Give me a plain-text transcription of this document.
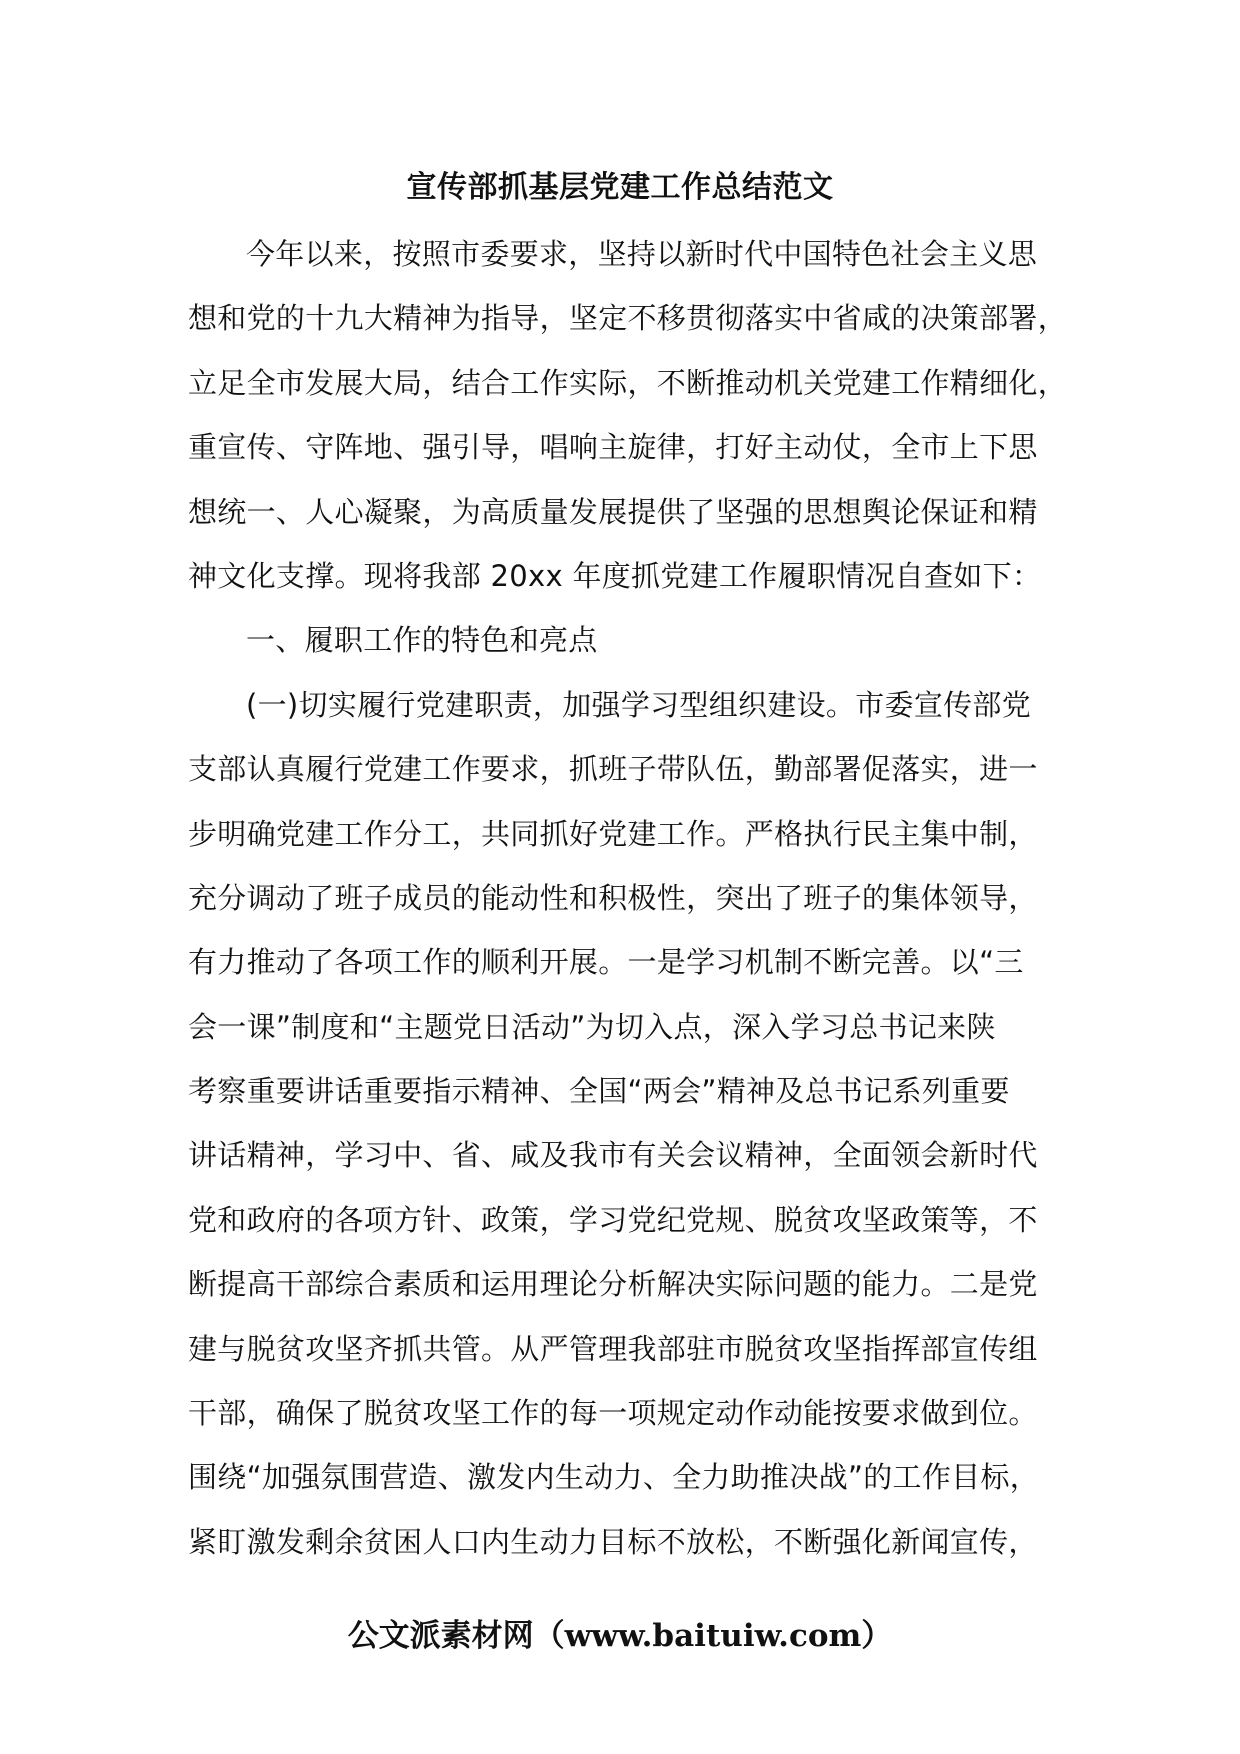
宣传部抓基层党建工作总结范文
今年以来，按照市委要求，坚持以新时代中国特色社会主义思
想和党的十九大精神为指导，坚定不移贯彻落实中省咸的决策部署，
立足全市发展大局，结合工作实际，不断推动机关党建工作精细化，
重宣传、守阵地、强引导，唱响主旋律，打好主动仗，全市上下思
想统一、人心凝聚，为高质量发展提供了坚强的思想舆论保证和精
神文化支撑。现将我部 20xx 年度抓党建工作履职情况自查如下：
一、履职工作的特色和亮点
(一)切实履行党建职责，加强学习型组织建设。市委宣传部党
支部认真履行党建工作要求，抓班子带队伍，勤部署促落实，进一
步明确党建工作分工，共同抓好党建工作。严格执行民主集中制，
充分调动了班子成员的能动性和积极性，突出了班子的集体领导，
有力推动了各项工作的顺利开展。一是学习机制不断完善。以“三
会一课”制度和“主题党日活动”为切入点，深入学习总书记来陕
考察重要讲话重要指示精神、全国“两会”精神及总书记系列重要
讲话精神，学习中、省、咸及我市有关会议精神，全面领会新时代
党和政府的各项方针、政策，学习党纪党规、脱贫攻坚政策等，不
断提高干部综合素质和运用理论分析解决实际问题的能力。二是党
建与脱贫攻坚齐抓共管。从严管理我部驻市脱贫攻坚指挥部宣传组
干部，确保了脱贫攻坚工作的每一项规定动作动能按要求做到位。
围绕“加强氛围营造、激发内生动力、全力助推决战”的工作目标，
紧盯激发剩余贫困人口内生动力目标不放松，不断强化新闻宣传，
公文派素材网（www.baituiw.com）
